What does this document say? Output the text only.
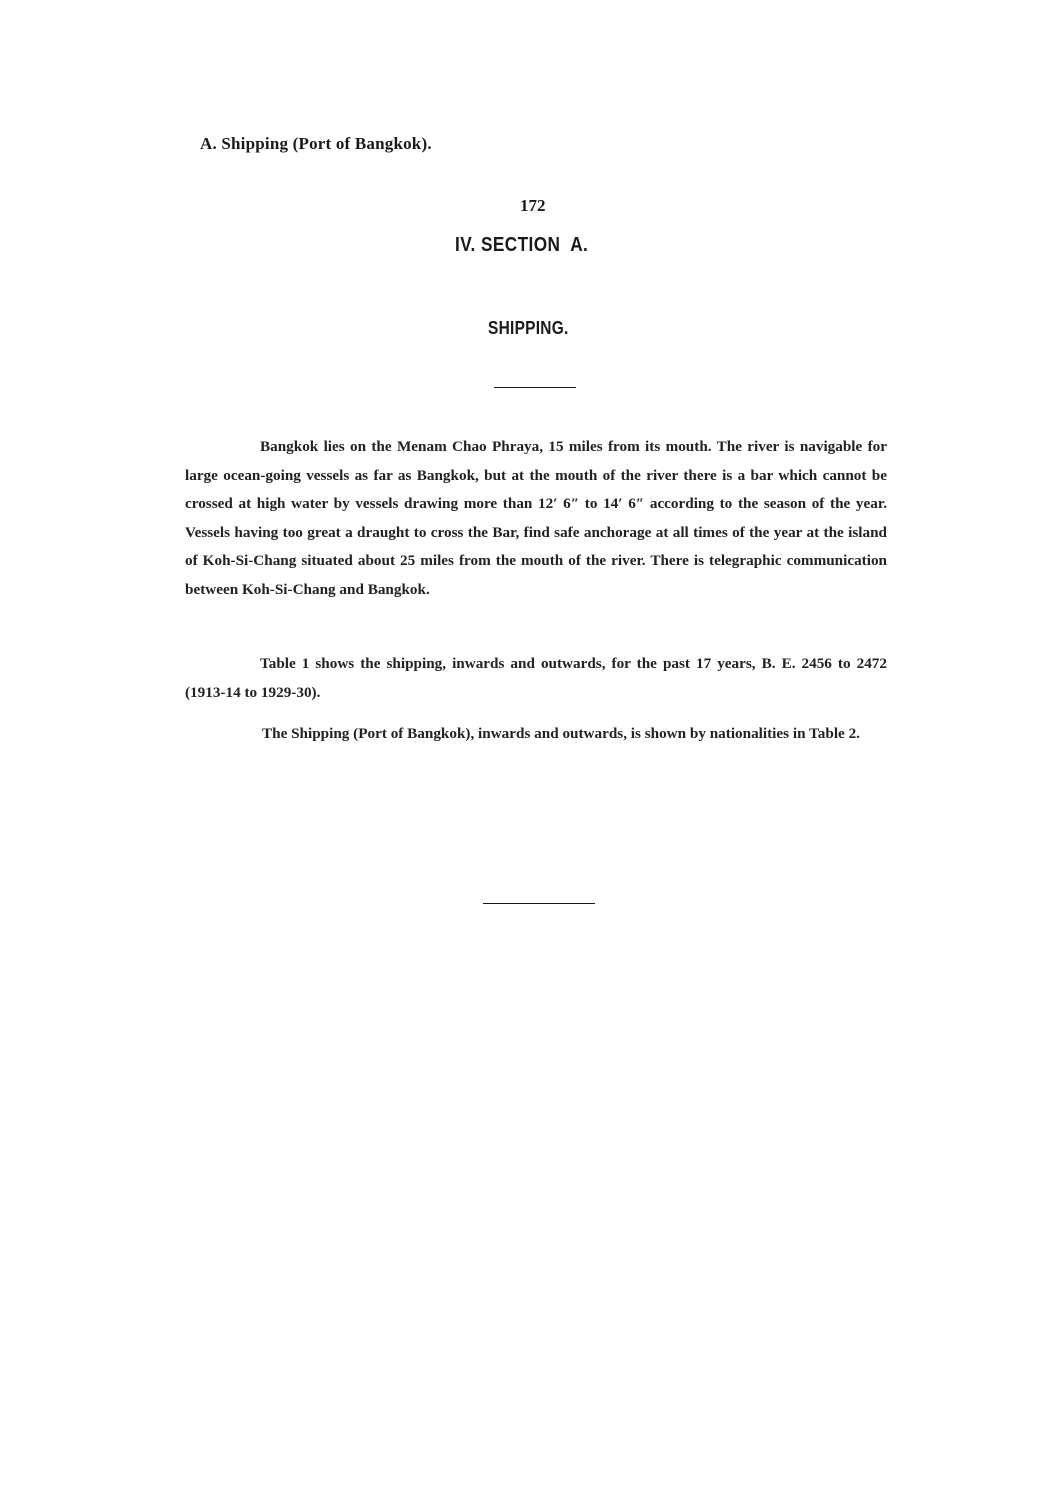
A. Shipping (Port of Bangkok).
172
IV. SECTION  A.
SHIPPING.
Bangkok lies on the Menam Chao Phraya, 15 miles from its mouth. The river is navigable for large ocean-going vessels as far as Bangkok, but at the mouth of the river there is a bar which cannot be crossed at high water by vessels drawing more than 12′ 6″ to 14′ 6″ according to the season of the year. Vessels having too great a draught to cross the Bar, find safe anchorage at all times of the year at the island of Koh-Si-Chang situated about 25 miles from the mouth of the river. There is telegraphic communication between Koh-Si-Chang and Bangkok.
Table 1 shows the shipping, inwards and outwards, for the past 17 years, B. E. 2456 to 2472 (1913-14 to 1929-30).
The Shipping (Port of Bangkok), inwards and outwards, is shown by nationalities in Table 2.
